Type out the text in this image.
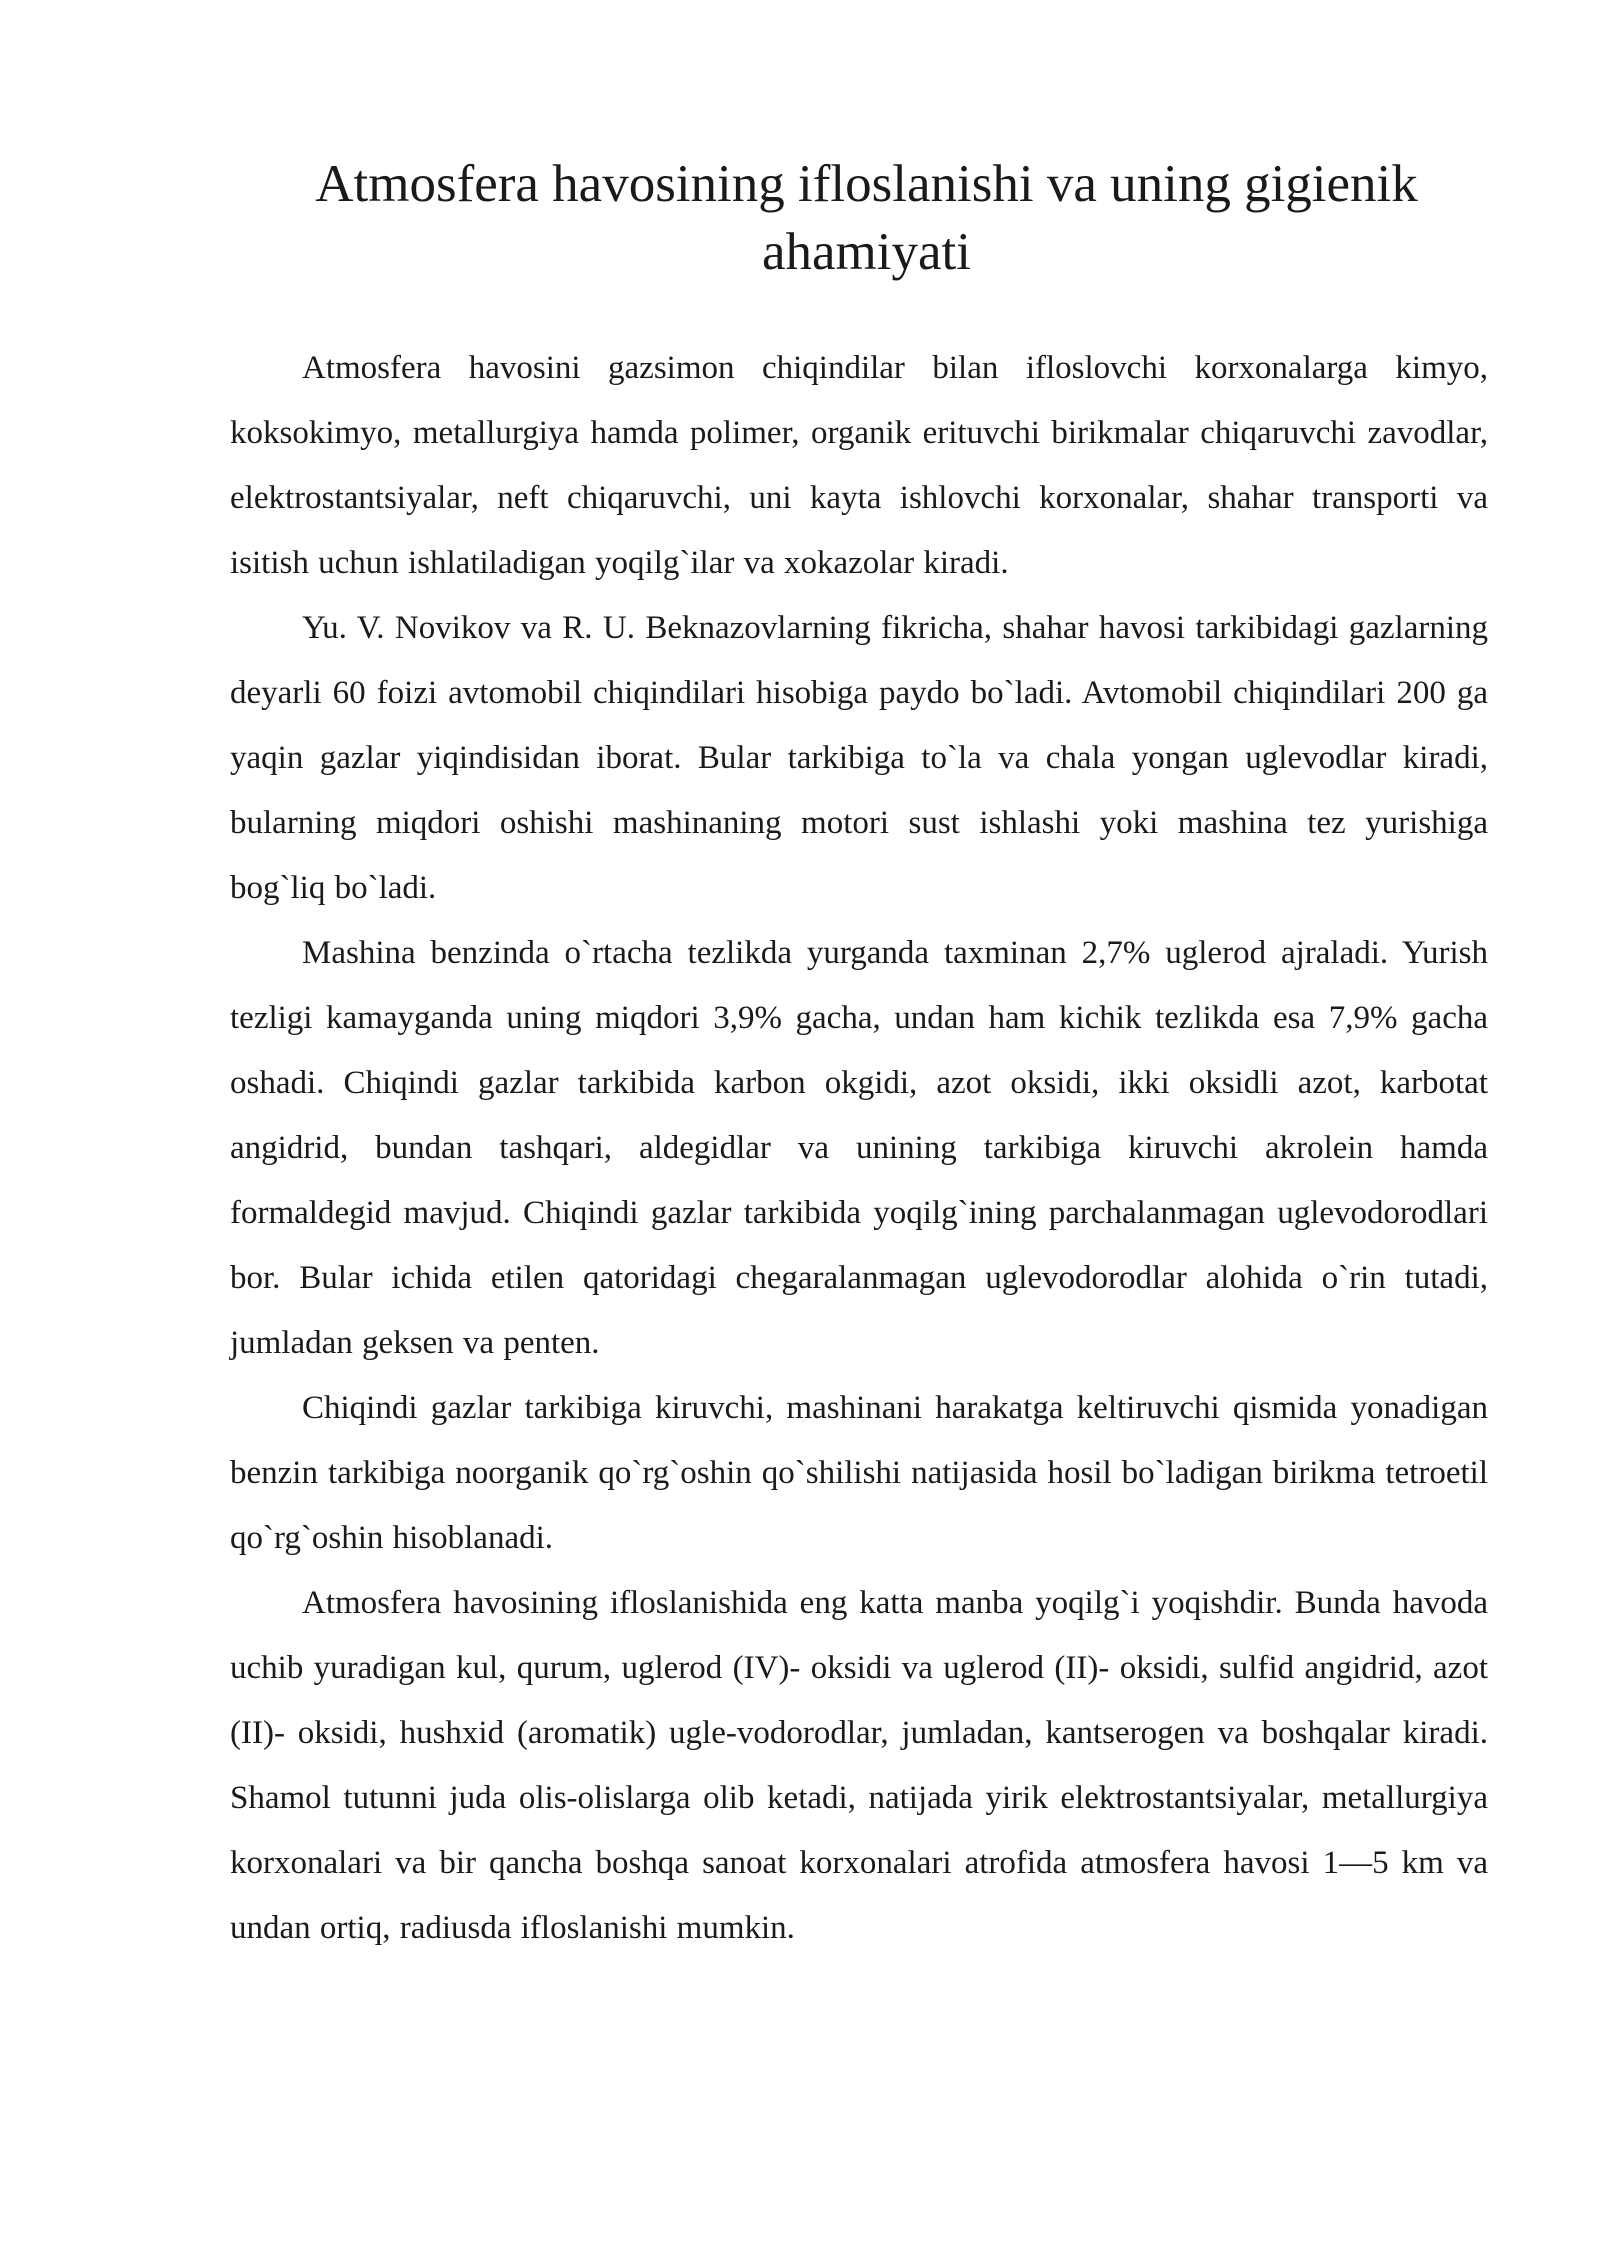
Atmosfera havosining ifloslanishi va uning gigienik ahamiyati

Atmosfera havosini gazsimon chiqindilar bilan ifloslovchi korxonalarga kimyo, koksokimyo, metallurgiya hamda polimer, organik erituvchi birikmalar chiqaruvchi zavodlar, elektrostantsiyalar, neft chiqaruvchi, uni kayta ishlovchi korxonalar, shahar transporti va isitish uchun ishlatiladigan yoqilg`ilar va xokazolar kiradi.

Yu. V. Novikov va R. U. Beknazovlarning fikricha, shahar havosi tarkibidagi gazlarning deyarli 60 foizi avtomobil chiqindilari hisobiga paydo bo`ladi. Avtomobil chiqindilari 200 ga yaqin gazlar yiqindisidan iborat. Bular tarkibiga to`la va chala yongan uglevodlar kiradi, bularning miqdori oshishi mashinaning motori sust ishlashi yoki mashina tez yurishiga bog`liq bo`ladi.

Mashina benzinda o`rtacha tezlikda yurganda taxminan 2,7% uglerod ajraladi. Yurish tezligi kamayganda uning miqdori 3,9% gacha, undan ham kichik tezlikda esa 7,9% gacha oshadi. Chiqindi gazlar tarkibida karbon okgidi, azot oksidi, ikki oksidli azot, karbotat angidrid, bundan tashqari, aldegidlar va unining tarkibiga kiruvchi akrolein hamda formaldegid mavjud. Chiqindi gazlar tarkibida yoqilg`ining parchalanmagan uglevodorodlari bor. Bular ichida etilen qatoridagi chegaralanmagan uglevodorodlar alohida o`rin tutadi, jumladan geksen va penten.

Chiqindi gazlar tarkibiga kiruvchi, mashinani harakatga keltiruvchi qismida yonadigan benzin tarkibiga noorganik qo`rg`oshin qo`shilishi natijasida hosil bo`ladigan birikma tetroetil qo`rg`oshin hisoblanadi.

Atmosfera havosining ifloslanishida eng katta manba yoqilg`i yoqishdir. Bunda havoda uchib yuradigan kul, qurum, uglerod (IV)- oksidi va uglerod (II)- oksidi, sulfid angidrid, azot (II)- oksidi, hushxid (aromatik) ugle-vodorodlar, jumladan, kantserogen va boshqalar kiradi. Shamol tutunni juda olis-olislarga olib ketadi, natijada yirik elektrostantsiyalar, metallurgiya korxonalari va bir qancha boshqa sanoat korxonalari atrofida atmosfera havosi 1—5 km va undan ortiq, radiusda ifloslanishi mumkin.
